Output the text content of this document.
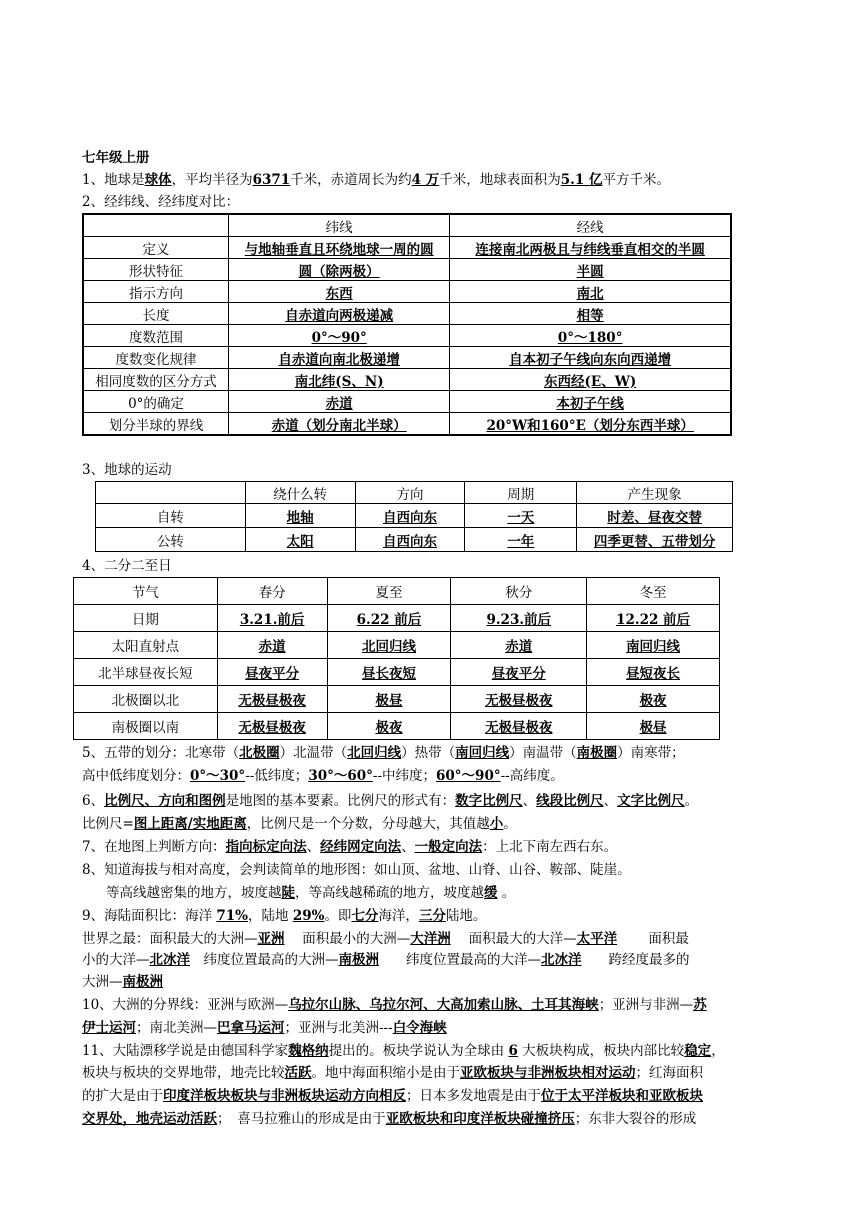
七年级上册
1、地球是球体，平均半径为6371千米，赤道周长为约4 万千米，地球表面积为5.1 亿平方千米。
2、经纬线、经纬度对比：
	纬线	经线
定义	与地轴垂直且环绕地球一周的圆	连接南北两极且与纬线垂直相交的半圆
形状特征	圆（除两极）	半圆
指示方向	东西	南北
长度	自赤道向两极递减	相等
度数范围	0°～90°	0°～180°
度数变化规律	自赤道向南北极递增	自本初子午线向东向西递增
相同度数的区分方式	南北纬(S、N)	东西经(E、W)
0°的确定	赤道	本初子午线
划分半球的界线	赤道（划分南北半球）	20°W和160°E（划分东西半球）
3、地球的运动
	绕什么转	方向	周期	产生现象
自转	地轴	自西向东	一天	时差、昼夜交替
公转	太阳	自西向东	一年	四季更替、五带划分
4、二分二至日
节气	春分	夏至	秋分	冬至
日期	3.21.前后	6.22 前后	9.23.前后	12.22 前后
太阳直射点	赤道	北回归线	赤道	南回归线
北半球昼夜长短	昼夜平分	昼长夜短	昼夜平分	昼短夜长
北极圈以北	无极昼极夜	极昼	无极昼极夜	极夜
南极圈以南	无极昼极夜	极夜	无极昼极夜	极昼
5、五带的划分：北寒带（北极圈）北温带（北回归线）热带（南回归线）南温带（南极圈）南寒带；
高中低纬度划分：0°～30°--低纬度；30°～60°--中纬度；60°～90°--高纬度。
6、比例尺、方向和图例是地图的基本要素。比例尺的形式有：数字比例尺、线段比例尺、文字比例尺。
比例尺=图上距离/实地距离，比例尺是一个分数，分母越大，其值越小。
7、在地图上判断方向：指向标定向法、经纬网定向法、一般定向法：上北下南左西右东。
8、知道海拔与相对高度，会判读简单的地形图：如山顶、盆地、山脊、山谷、鞍部、陡崖。
等高线越密集的地方，坡度越陡，等高线越稀疏的地方，坡度越缓 。
9、海陆面积比：海洋 71%，陆地 29%。即七分海洋，三分陆地。
世界之最：面积最大的大洲—亚洲　 面积最小的大洲—大洋洲　 面积最大的大洋—太平洋　　 面积最
小的大洋—北冰洋　纬度位置最高的大洲—南极洲　　纬度位置最高的大洋—北冰洋　　跨经度最多的
大洲—南极洲
10、大洲的分界线：亚洲与欧洲—乌拉尔山脉、乌拉尔河、大高加索山脉、土耳其海峡；亚洲与非洲—苏
伊士运河；南北美洲—巴拿马运河；亚洲与北美洲---白令海峡
11、大陆漂移学说是由德国科学家魏格纳提出的。板块学说认为全球由 6 大板块构成，板块内部比较稳定，
板块与板块的交界地带，地壳比较活跃。地中海面积缩小是由于亚欧板块与非洲板块相对运动；红海面积
的扩大是由于印度洋板块板块与非洲板块运动方向相反；日本多发地震是由于位于太平洋板块和亚欧板块
交界处，地壳运动活跃；　喜马拉雅山的形成是由于亚欧板块和印度洋板块碰撞挤压；东非大裂谷的形成
